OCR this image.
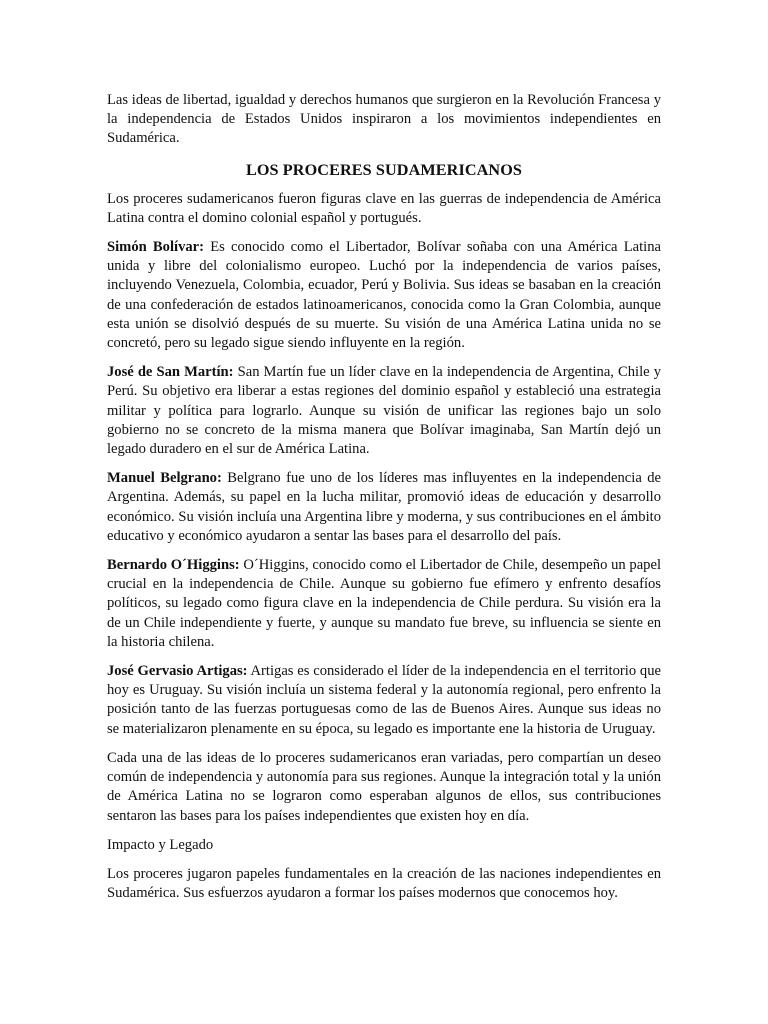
Las ideas de libertad, igualdad y derechos humanos que surgieron en la Revolución Francesa y la independencia de Estados Unidos inspiraron a los movimientos independientes en Sudamérica.

LOS PROCERES SUDAMERICANOS

Los proceres sudamericanos fueron figuras clave en las guerras de independencia de América Latina contra el domino colonial español y portugués.

Simón Bolívar: Es conocido como el Libertador, Bolívar soñaba con una América Latina unida y libre del colonialismo europeo. Luchó por la independencia de varios países, incluyendo Venezuela, Colombia, ecuador, Perú y Bolivia. Sus ideas se basaban en la creación de una confederación de estados latinoamericanos, conocida como la Gran Colombia, aunque esta unión se disolvió después de su muerte. Su visión de una América Latina unida no se concretó, pero su legado sigue siendo influyente en la región.

José de San Martín: San Martín fue un líder clave en la independencia de Argentina, Chile y Perú. Su objetivo era liberar a estas regiones del dominio español y estableció una estrategia militar y política para lograrlo. Aunque su visión de unificar las regiones bajo un solo gobierno no se concreto de la misma manera que Bolívar imaginaba, San Martín dejó un legado duradero en el sur de América Latina.

Manuel Belgrano: Belgrano fue uno de los líderes mas influyentes en la independencia de Argentina. Además, su papel en la lucha militar, promovió ideas de educación y desarrollo económico. Su visión incluía una Argentina libre y moderna, y sus contribuciones en el ámbito educativo y económico ayudaron a sentar las bases para el desarrollo del país.

Bernardo O´Higgins: O´Higgins, conocido como el Libertador de Chile, desempeño un papel crucial en la independencia de Chile. Aunque su gobierno fue efímero y enfrento desafíos políticos, su legado como figura clave en la independencia de Chile perdura. Su visión era la de un Chile independiente y fuerte, y aunque su mandato fue breve, su influencia se siente en la historia chilena.

José Gervasio Artigas: Artigas es considerado el líder de la independencia en el territorio que hoy es Uruguay. Su visión incluía un sistema federal y la autonomía regional, pero enfrento la posición tanto de las fuerzas portuguesas como de las de Buenos Aires. Aunque sus ideas no se materializaron plenamente en su época, su legado es importante ene la historia de Uruguay.

Cada una de las ideas de lo proceres sudamericanos eran variadas, pero compartían un deseo común de independencia y autonomía para sus regiones. Aunque la integración total y la unión de América Latina no se lograron como esperaban algunos de ellos, sus contribuciones sentaron las bases para los países independientes que existen hoy en día.

Impacto y Legado

Los proceres jugaron papeles fundamentales en la creación de las naciones independientes en Sudamérica. Sus esfuerzos ayudaron a formar los países modernos que conocemos hoy.
